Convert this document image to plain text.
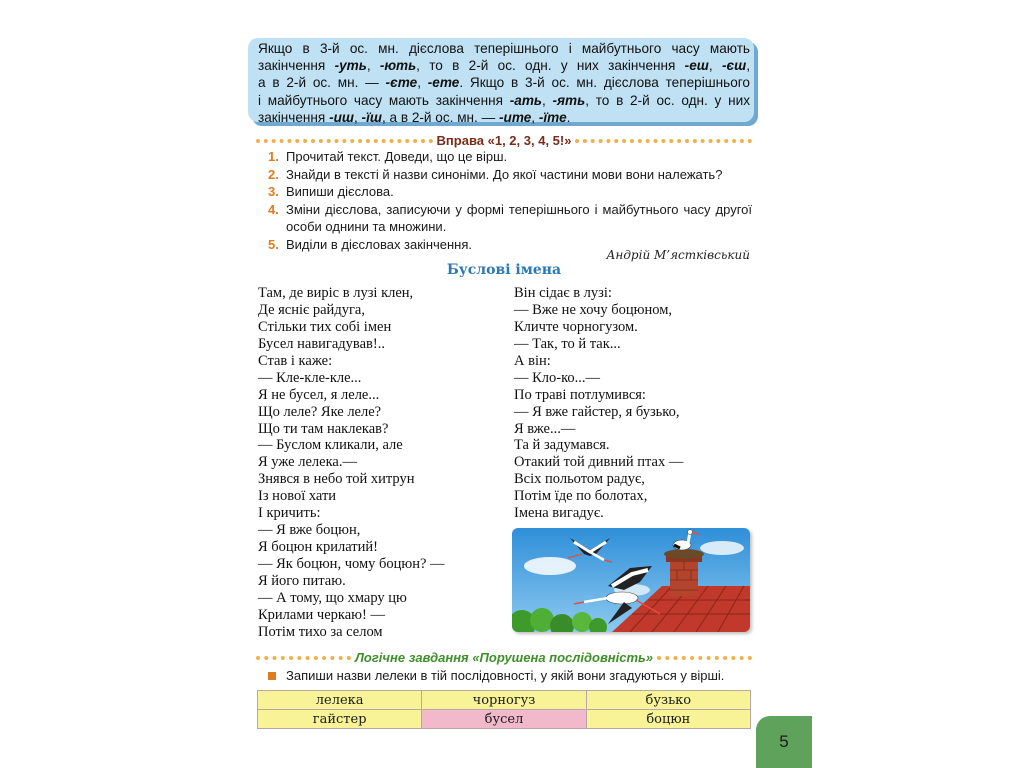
Якщо в 3-й ос. мн. дієслова теперішнього і майбутнього часу мають
закінчення -уть, -ють, то в 2-й ос. одн. у них закінчення -еш, -єш,
а в 2-й ос. мн. — -єте, -ете. Якщо в 3-й ос. мн. дієслова теперішнього
і майбутнього часу мають закінчення -ать, -ять, то в 2-й ос. одн. у них
закінчення -иш, -їш, а в 2-й ос. мн. — -ите, -їте.
Вправа «1, 2, 3, 4, 5!»
1. Прочитай текст. Доведи, що це вірш.
2. Знайди в тексті й назви синоніми. До якої частини мови вони належать?
3. Випиши дієслова.
4. Зміни дієслова, записуючи у формі теперішнього і майбутнього часу другої особи однини та множини.
5. Виділи в дієсловах закінчення.
Андрій М’ястківський
Буслові імена
Там, де виріс в лузі клен,
Де ясніє райдуга,
Стільки тих собі імен
Бусел навигадував!..
Став і каже:
— Кле-кле-кле...
Я не бусел, я леле...
Що леле? Яке леле?
Що ти там наклекав?
— Буслом кликали, але
Я уже лелека.—
Знявся в небо той хитрун
Із нової хати
І кричить:
— Я вже боцюн,
Я боцюн крилатий!
— Як боцюн, чому боцюн? —
Я його питаю.
— А тому, що хмару цю
Крилами черкаю! —
Потім тихо за селом
Він сідає в лузі:
— Вже не хочу боцюном,
Кличте чорногузом.
— Так, то й так...
А він:
— Кло-ко...—
По траві потлумився:
— Я вже гайстер, я бузько,
Я вже...—
Та й задумався.
Отакий той дивний птах —
Всіх польотом радує,
Потім їде по болотах,
Імена вигадує.
Логічне завдання «Порушена послідовність»
Запиши назви лелеки в тій послідовності, у якій вони згадуються у вірші.
лелека	чорногуз	бузько
гайстер	бусел	боцюн
5
